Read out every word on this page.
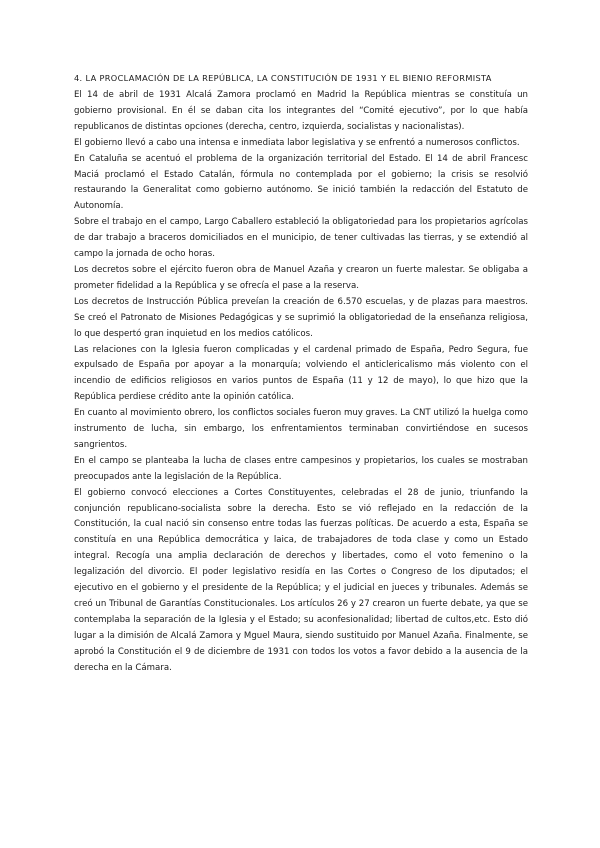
4. LA PROCLAMACIÓN DE LA REPÚBLICA, LA CONSTITUCIÓN DE 1931 Y EL BIENIO REFORMISTA

El 14 de abril de 1931 Alcalá Zamora proclamó en Madrid la República mientras se constituía un gobierno provisional. En él se daban cita los integrantes del “Comité ejecutivo”, por lo que había republicanos de distintas opciones (derecha, centro, izquierda, socialistas y nacionalistas).

El gobierno llevó a cabo una intensa e inmediata labor legislativa y se enfrentó a numerosos conflictos.

En Cataluña se acentuó el problema de la organización territorial del Estado. El 14 de abril Francesc Maciá proclamó el Estado Catalán, fórmula no contemplada por el gobierno; la crisis se resolvió restaurando la Generalitat como gobierno autónomo. Se inició también la redacción del Estatuto de Autonomía.

Sobre el trabajo en el campo, Largo Caballero estableció la obligatoriedad para los propietarios agrícolas de dar trabajo a braceros domiciliados en el municipio, de tener cultivadas las tierras, y se extendió al campo la jornada de ocho horas.

Los decretos sobre el ejército fueron obra de Manuel Azaña y crearon un fuerte malestar. Se obligaba a prometer fidelidad a la República y se ofrecía el pase a la reserva.

Los decretos de Instrucción Pública preveían la creación de 6.570 escuelas, y de plazas para maestros. Se creó el Patronato de Misiones Pedagógicas y se suprimió la obligatoriedad de la enseñanza religiosa, lo que despertó gran inquietud en los medios católicos.

Las relaciones con la Iglesia fueron complicadas y el cardenal primado de España, Pedro Segura, fue expulsado de España por apoyar a la monarquía; volviendo el anticlericalismo más violento con el incendio de edificios religiosos en varios puntos de España (11 y 12 de mayo), lo que hizo que la República perdiese crédito ante la opinión católica.

En cuanto al movimiento obrero, los conflictos sociales fueron muy graves. La CNT utilizó la huelga como instrumento de lucha, sin embargo, los enfrentamientos terminaban convirtiéndose en sucesos sangrientos.

En el campo se planteaba la lucha de clases entre campesinos y propietarios, los cuales se mostraban preocupados ante la legislación de la República.

El gobierno convocó elecciones a Cortes Constituyentes, celebradas el 28 de junio, triunfando la conjunción republicano-socialista sobre la derecha. Esto se vió reflejado en la redacción de la Constitución, la cual nació sin consenso entre todas las fuerzas políticas. De acuerdo a esta, España se constituía en una República democrática y laica, de trabajadores de toda clase y como un Estado integral. Recogía una amplia declaración de derechos y libertades, como el voto femenino o la legalización del divorcio. El poder legislativo residía en las Cortes o Congreso de los diputados; el ejecutivo en el gobierno y el presidente de la República; y el judicial en jueces y tribunales. Además se creó un Tribunal de Garantías Constitucionales. Los artículos 26 y 27 crearon un fuerte debate, ya que se contemplaba la separación de la Iglesia y el Estado; su aconfesionalidad; libertad de cultos,etc. Esto dió lugar a la dimisión de Alcalá Zamora y Mguel Maura, siendo sustituido por Manuel Azaña. Finalmente, se aprobó la Constitución el 9 de diciembre de 1931 con todos los votos a favor debido a la ausencia de la derecha en la Cámara.
